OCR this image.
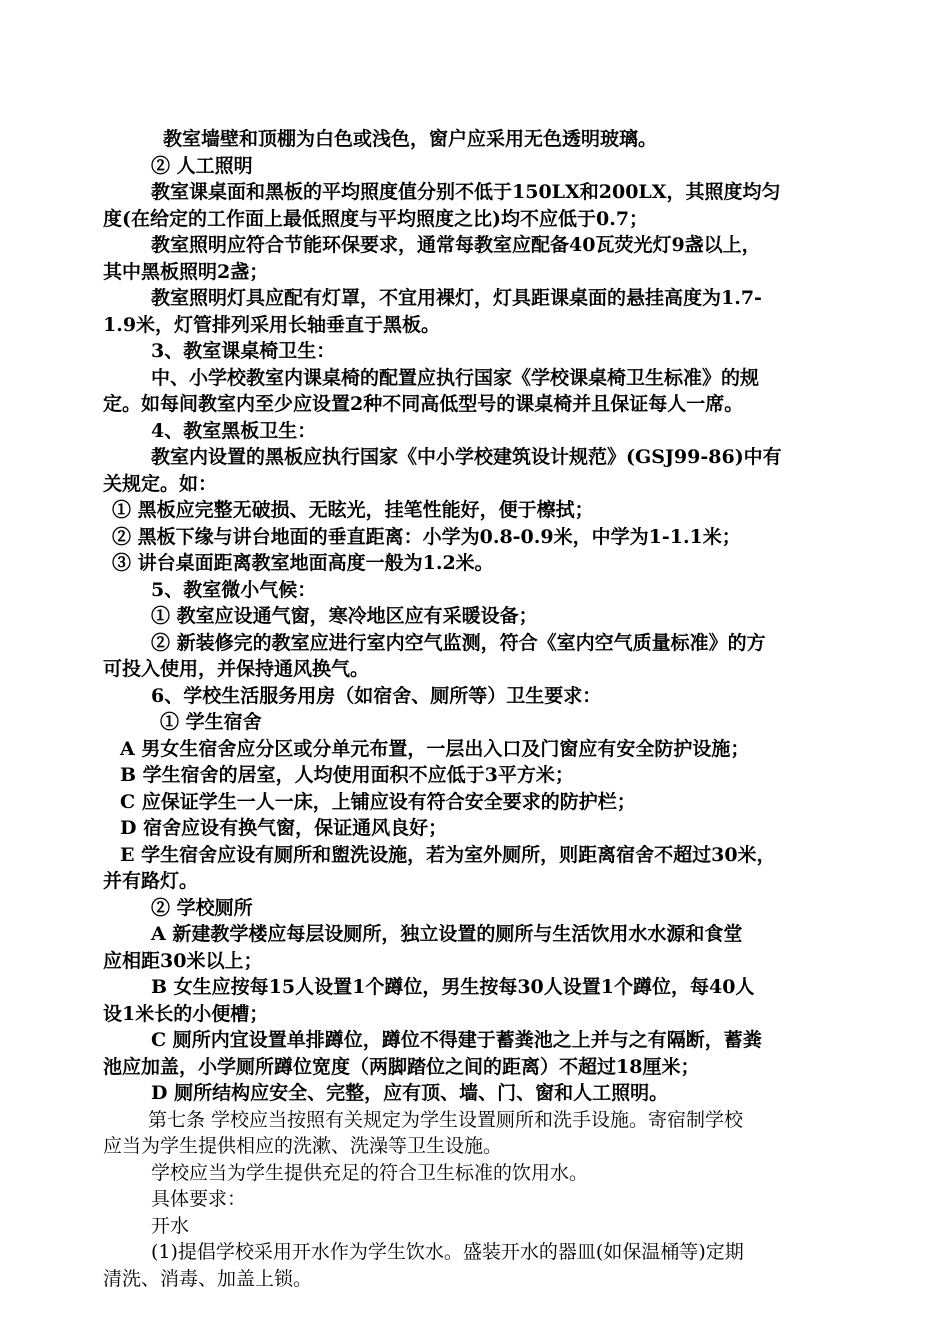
教室墙壁和顶棚为白色或浅色，窗户应采用无色透明玻璃。
② 人工照明
教室课桌面和黑板的平均照度值分别不低于150LX和200LX，其照度均匀
度(在给定的工作面上最低照度与平均照度之比)均不应低于0.7；
教室照明应符合节能环保要求，通常每教室应配备40瓦荧光灯9盏以上，
其中黑板照明2盏；
教室照明灯具应配有灯罩，不宜用裸灯，灯具距课桌面的悬挂高度为1.7-
1.9米，灯管排列采用长轴垂直于黑板。
3、教室课桌椅卫生：
中、小学校教室内课桌椅的配置应执行国家《学校课桌椅卫生标准》的规
定。如每间教室内至少应设置2种不同高低型号的课桌椅并且保证每人一席。
4、教室黑板卫生：
教室内设置的黑板应执行国家《中小学校建筑设计规范》(GSJ99-86)中有
关规定。如：
① 黑板应完整无破损、无眩光，挂笔性能好，便于檫拭；
② 黑板下缘与讲台地面的垂直距离：小学为0.8-0.9米，中学为1-1.1米；
③ 讲台桌面距离教室地面高度一般为1.2米。
5、教室微小气候：
① 教室应设通气窗，寒冷地区应有采暖设备；
② 新装修完的教室应进行室内空气监测，符合《室内空气质量标准》的方
可投入使用，并保持通风换气。
6、学校生活服务用房（如宿舍、厕所等）卫生要求：
① 学生宿舍
A 男女生宿舍应分区或分单元布置，一层出入口及门窗应有安全防护设施；
B 学生宿舍的居室，人均使用面积不应低于3平方米；
C 应保证学生一人一床，上铺应设有符合安全要求的防护栏；
D 宿舍应设有换气窗，保证通风良好；
E 学生宿舍应设有厕所和盥洗设施，若为室外厕所，则距离宿舍不超过30米，
并有路灯。
② 学校厕所
A 新建教学楼应每层设厕所，独立设置的厕所与生活饮用水水源和食堂
应相距30米以上；
B 女生应按每15人设置1个蹲位，男生按每30人设置1个蹲位，每40人
设1米长的小便槽；
C 厕所内宜设置单排蹲位，蹲位不得建于蓄粪池之上并与之有隔断，蓄粪
池应加盖，小学厕所蹲位宽度（两脚踏位之间的距离）不超过18厘米；
D 厕所结构应安全、完整，应有顶、墙、门、窗和人工照明。
第七条 学校应当按照有关规定为学生设置厕所和洗手设施。寄宿制学校
应当为学生提供相应的洗漱、洗澡等卫生设施。
学校应当为学生提供充足的符合卫生标准的饮用水。
具体要求：
开水
(1)提倡学校采用开水作为学生饮水。盛装开水的器皿(如保温桶等)定期
清洗、消毒、加盖上锁。
